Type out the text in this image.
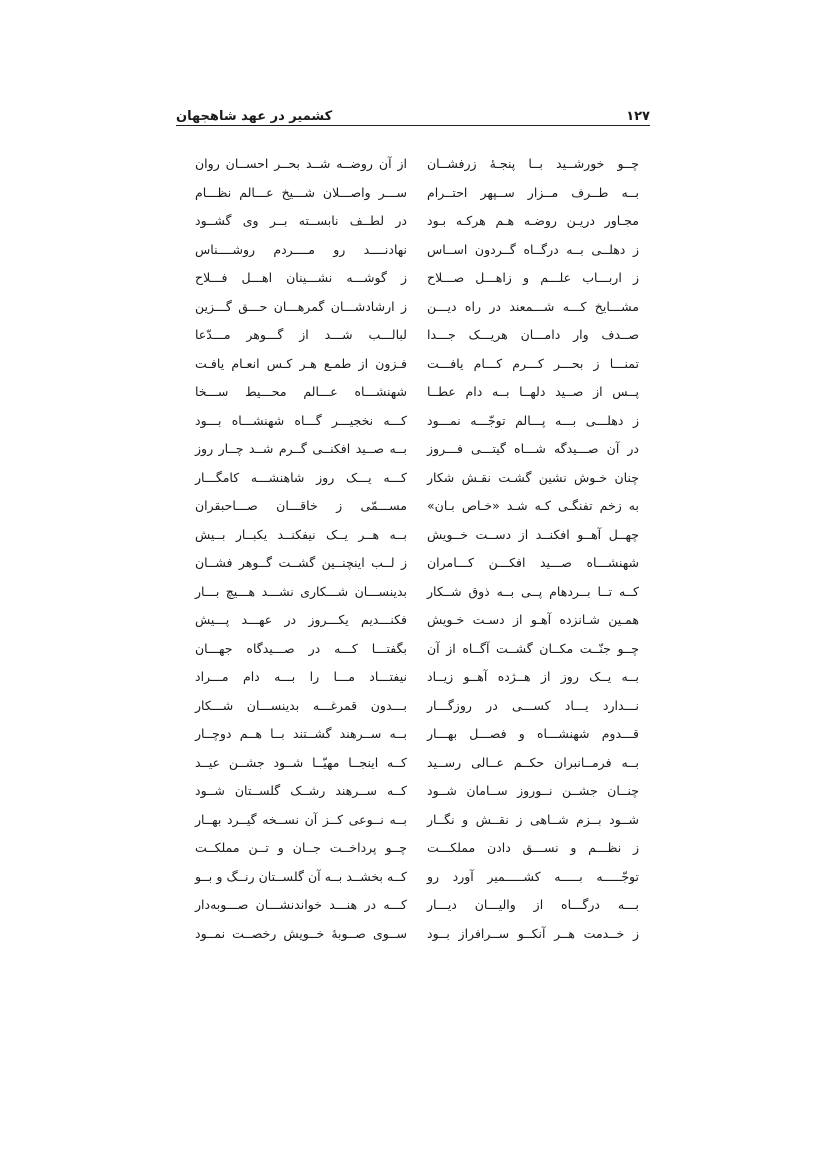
۱۲۷
کشمیر در عهد شاهجهان
چــو خورشــید بــا پنجـهٔ زرفشــان
بــه طــرف مــزار ســپهر احتــرام
مجـاور دریـن روضـه هـم هرکـه بـود
ز دهلــی بــه درگــاه گــردون اســاس
ز اربـــاب علـــم و زاهـــل صـــلاح
مشـــایخ کـــه شـــمعند در راه دیـــن
صــدف وار دامـــان هریـــک جـــدا
تمنـــا ز بحـــر کـــرم کـــام یافـــت
پــس از صــید دلهــا بــه دام عطــا
ز دهلـــی بـــه پـــالم توجّـــه نمـــود
در آن صـــیدگه شـــاه گیتـــی فـــروز
چنان خـوش نشین گشـت نقـش شکار
به زخم تفنگـی کـه شـد «خـاص بـان»
چهــل آهــو افکنــد از دســت خــویش
شهنشـــاه صـــید افکـــن کـــامران
کــه تــا بــردهام پــی بــه ذوق شــکار
همـین شـانزده آهـو از دسـت خـویش
چــو جنّــت مکــان گشــت آگــاه از آن
بــه یــک روز از هــژده آهــو زیــاد
نـــدارد یـــاد کســـی در روزگـــار
قـــدوم شهنشـــاه و فصـــل بهـــار
بــه فرمــانبران حکــم عــالی رســید
چنــان جشــن نــوروز ســامان شــود
شــود بــزم شــاهی ز نقــش و نگــار
ز نظـــم و نســـق دادن مملکـــت
توجّـــــه بـــــه کشـــــمیر آورد رو
بـــه درگـــاه از والیـــان دیـــار
ز خــدمت هــر آنکــو ســرافراز بــود
از آن روضــه شــد بحــر احســان روان
ســـر واصـــلان شـــیخ عـــالم نظـــام
در لطــف نابســته بــر وی گشــود
نهادنــــد رو مــــردم روشــــناس
ز گوشـــه نشـــینان اهـــل فـــلاح
ز ارشادشـــان گمرهـــان حـــق گـــزین
لبالـــب شـــد از گـــوهر مـــدّعا
فـزون از طمـع هـر کـس انعـام یافـت
شهنشـــاه عـــالم محـــیط ســـخا
کـــه نخجیـــر گـــاه شهنشـــاه بـــود
بــه صــید افکنــی گــرم شــد چــار روز
کـــه یـــک روز شاهنشـــه کامگـــار
مســـمّی ز خاقـــان صـــاحبقران
بــه هــر یــک نیفکنــد یکبــار بــیش
ز لــب اینچنــین گشــت گــوهر فشــان
بدینســـان شـــکاری نشـــد هـــیچ بـــار
فکنـــدیم یکـــروز در عهـــد پـــیش
بگفتـــا کـــه در صـــیدگاه جهـــان
نیفتـــاد مـــا را بـــه دام مـــراد
بـــدون قمرغـــه بدینســـان شـــکار
بــه ســرهند گشــتند بــا هــم دوچــار
کــه اینجــا مهیّــا شــود جشــن عیــد
کــه ســرهند رشــک گلســتان شــود
بــه نــوعی کــز آن نســخه گیــرد بهــار
چــو پرداخــت جــان و تــن مملکــت
کــه بخشــد بــه آن گلســتان رنــگ و بــو
کـــه در هنـــد خواندنشـــان صـــوبه‌دار
ســوی صــوبهٔ خــویش رخصــت نمــود
